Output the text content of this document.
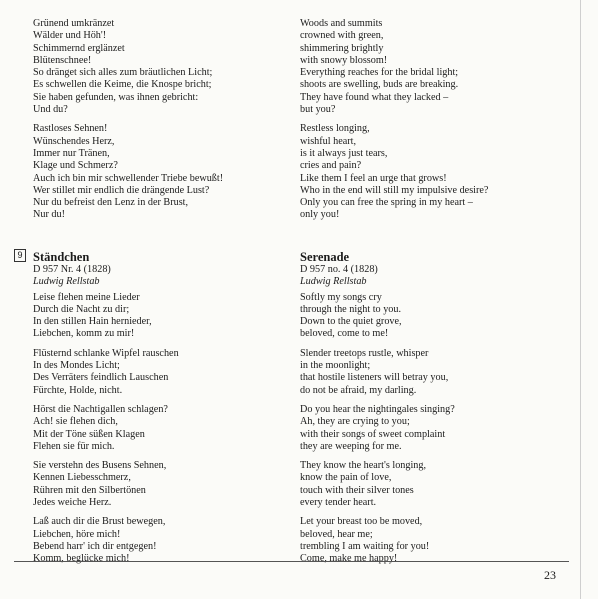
Grünend umkränzet
Wälder und Höh'!
Schimmernd erglänzet
Blütenschnee!
So dränget sich alles zum bräutlichen Licht;
Es schwellen die Keime, die Knospe bricht;
Sie haben gefunden, was ihnen gebricht:
Und du?
Rastloses Sehnen!
Wünschendes Herz,
Immer nur Tränen,
Klage und Schmerz?
Auch ich bin mir schwellender Triebe bewußt!
Wer stillet mir endlich die drängende Lust?
Nur du befreist den Lenz in der Brust,
Nur du!
Woods and summits
crowned with green,
shimmering brightly
with snowy blossom!
Everything reaches for the bridal light;
shoots are swelling, buds are breaking.
They have found what they lacked –
but you?
Restless longing,
wishful heart,
is it always just tears,
cries and pain?
Like them I feel an urge that grows!
Who in the end will still my impulsive desire?
Only you can free the spring in my heart –
only you!
9 Ständchen
D 957 Nr. 4 (1828)
Ludwig Rellstab
Leise flehen meine Lieder
Durch die Nacht zu dir;
In den stillen Hain hernieder,
Liebchen, komm zu mir!
Flüsternd schlanke Wipfel rauschen
In des Mondes Licht;
Des Verräters feindlich Lauschen
Fürchte, Holde, nicht.
Hörst die Nachtigallen schlagen?
Ach! sie flehen dich,
Mit der Töne süßen Klagen
Flehen sie für mich.
Sie verstehn des Busens Sehnen,
Kennen Liebesschmerz,
Rühren mit den Silbertönen
Jedes weiche Herz.
Laß auch dir die Brust bewegen,
Liebchen, höre mich!
Bebend harr' ich dir entgegen!
Komm, beglücke mich!
Serenade
D 957 no. 4 (1828)
Ludwig Rellstab
Softly my songs cry
through the night to you.
Down to the quiet grove,
beloved, come to me!
Slender treetops rustle, whisper
in the moonlight;
that hostile listeners will betray you,
do not be afraid, my darling.
Do you hear the nightingales singing?
Ah, they are crying to you;
with their songs of sweet complaint
they are weeping for me.
They know the heart's longing,
know the pain of love,
touch with their silver tones
every tender heart.
Let your breast too be moved,
beloved, hear me;
trembling I am waiting for you!
Come, make me happy!
23
